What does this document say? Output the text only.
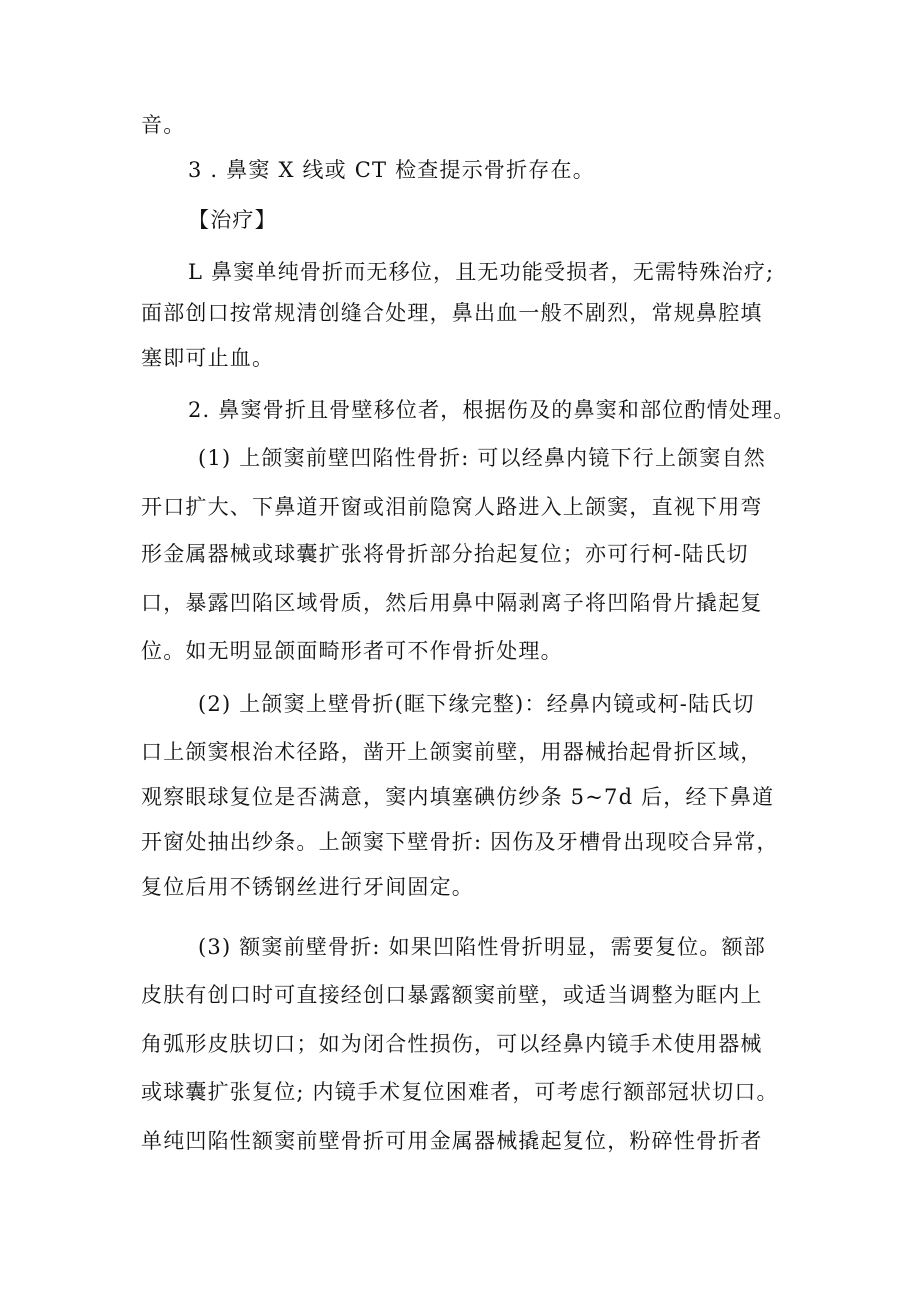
音。
3 . 鼻窦 X 线或 CT 检查提示骨折存在。
【治疗】
L 鼻窦单纯骨折而无移位，且无功能受损者，无需特殊治疗;
面部创口按常规清创缝合处理，鼻出血一般不剧烈，常规鼻腔填
塞即可止血。
2. 鼻窦骨折且骨壁移位者，根据伤及的鼻窦和部位酌情处理。
(1) 上颌窦前壁凹陷性骨折: 可以经鼻内镜下行上颌窦自然
开口扩大、下鼻道开窗或泪前隐窝人路进入上颌窦，直视下用弯
形金属器械或球囊扩张将骨折部分抬起复位；亦可行柯-陆氏切
口，暴露凹陷区域骨质，然后用鼻中隔剥离子将凹陷骨片撬起复
位。如无明显颌面畸形者可不作骨折处理。
(2) 上颌窦上壁骨折(眶下缘完整)：经鼻内镜或柯-陆氏切
口上颌窦根治术径路，凿开上颌窦前壁，用器械抬起骨折区域，
观察眼球复位是否满意，窦内填塞碘仿纱条 5~7d 后，经下鼻道
开窗处抽出纱条。上颌窦下壁骨折: 因伤及牙槽骨出现咬合异常，
复位后用不锈钢丝进行牙间固定。
(3) 额窦前壁骨折: 如果凹陷性骨折明显，需要复位。额部
皮肤有创口时可直接经创口暴露额窦前壁，或适当调整为眶内上
角弧形皮肤切口；如为闭合性损伤，可以经鼻内镜手术使用器械
或球囊扩张复位; 内镜手术复位困难者，可考虑行额部冠状切口。
单纯凹陷性额窦前壁骨折可用金属器械撬起复位，粉碎性骨折者
